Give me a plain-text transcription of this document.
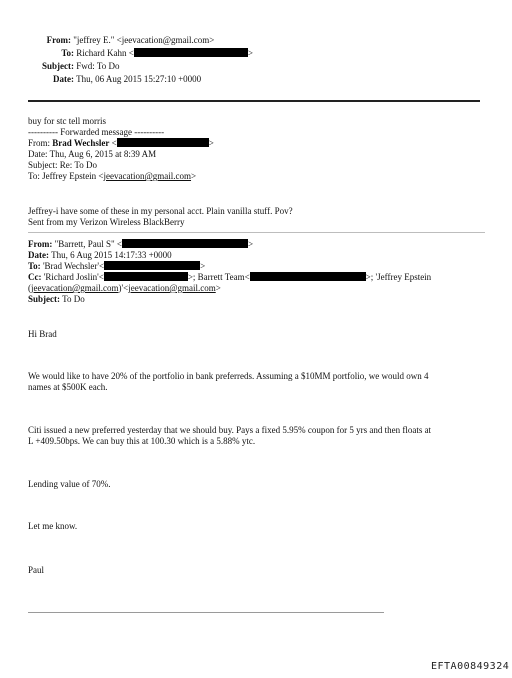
From: "jeffrey E." <jeevacation@gmail.com>
To: Richard Kahn <	>
Subject: Fwd: To Do
Date: Thu, 06 Aug 2015 15:27:10 +0000
buy for stc tell morris
---------- Forwarded message ----------
From: Brad Wechsler <	>
Date: Thu, Aug 6, 2015 at 8:39 AM
Subject: Re: To Do
To: Jeffrey Epstein <jeevacation@gmail.com>
Jeffrey-i have some of these in my personal acct. Plain vanilla stuff. Pov?
Sent from my Verizon Wireless BlackBerry
From: "Barrett, Paul S" <	>
Date: Thu, 6 Aug 2015 14:17:33 +0000
To: 'Brad Wechsler'<	>
Cc: 'Richard Joslin'<	>; Barrett Team<	>; 'Jeffrey Epstein
(jeevacation@gmail.com)'<jeevacation@gmail.com>
Subject: To Do
Hi Brad
We would like to have 20% of the portfolio in bank preferreds. Assuming a $10MM portfolio, we would own 4
names at $500K each.
Citi issued a new preferred yesterday that we should buy. Pays a fixed 5.95% coupon for 5 yrs and then floats at
L +409.50bps. We can buy this at 100.30 which is a 5.88% ytc.
Lending value of 70%.
Let me know.
Paul
EFTA00849324
